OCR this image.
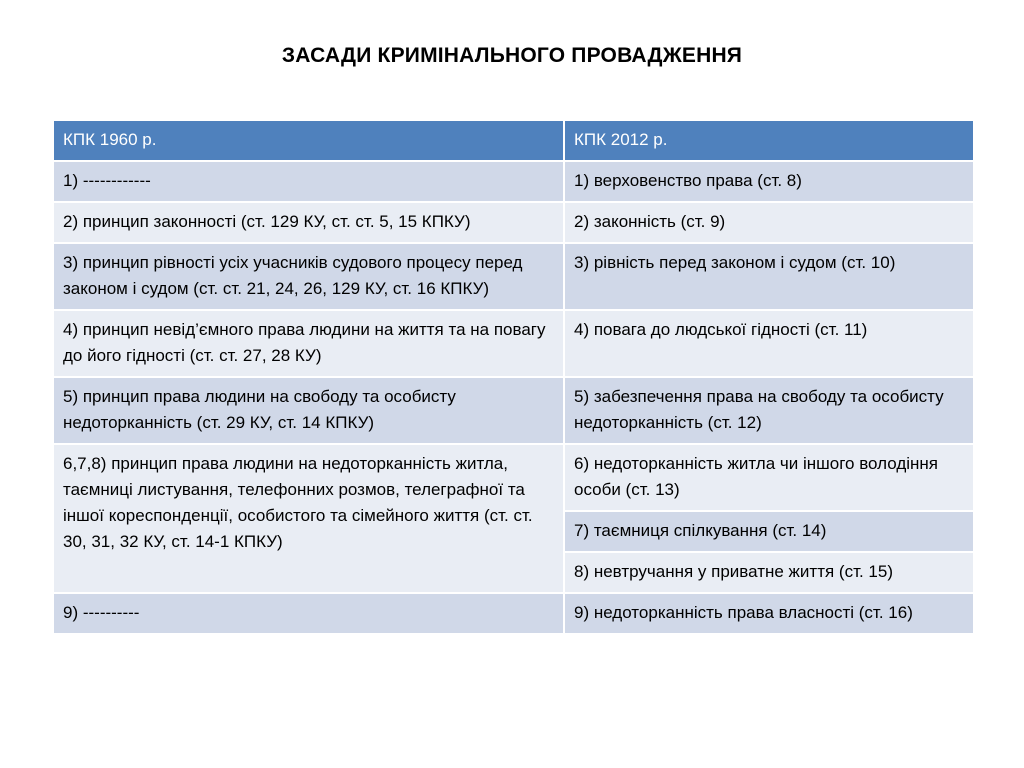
ЗАСАДИ КРИМІНАЛЬНОГО ПРОВАДЖЕННЯ
КПК 1960 р.	КПК 2012 р.
1) ------------	1) верховенство права (ст. 8)
2) принцип законності (ст. 129 КУ, ст. ст. 5, 15 КПКУ)	2) законність (ст. 9)
3) принцип рівності усіх учасників судового процесу перед законом і судом (ст. ст. 21, 24, 26, 129 КУ, ст. 16 КПКУ)	3) рівність перед законом і судом (ст. 10)
4) принцип невід’ємного права людини на життя та на повагу до його гідності (ст. ст. 27, 28 КУ)	4) повага до людської гідності (ст. 11)
5) принцип права людини на свободу та особисту недоторканність (ст. 29 КУ, ст. 14 КПКУ)	5) забезпечення права на свободу та особисту недоторканність (ст. 12)
6,7,8) принцип права людини на недоторканність житла, таємниці листування, телефонних розмов, телеграфної та іншої кореспонденції, особистого та сімейного життя (ст. ст. 30, 31, 32 КУ, ст. 14-1 КПКУ)	6) недоторканність житла чи іншого володіння особи (ст. 13)
	7) таємниця спілкування (ст. 14)
	8) невтручання у приватне життя (ст. 15)
9) ----------	9) недоторканність права власності (ст. 16)
